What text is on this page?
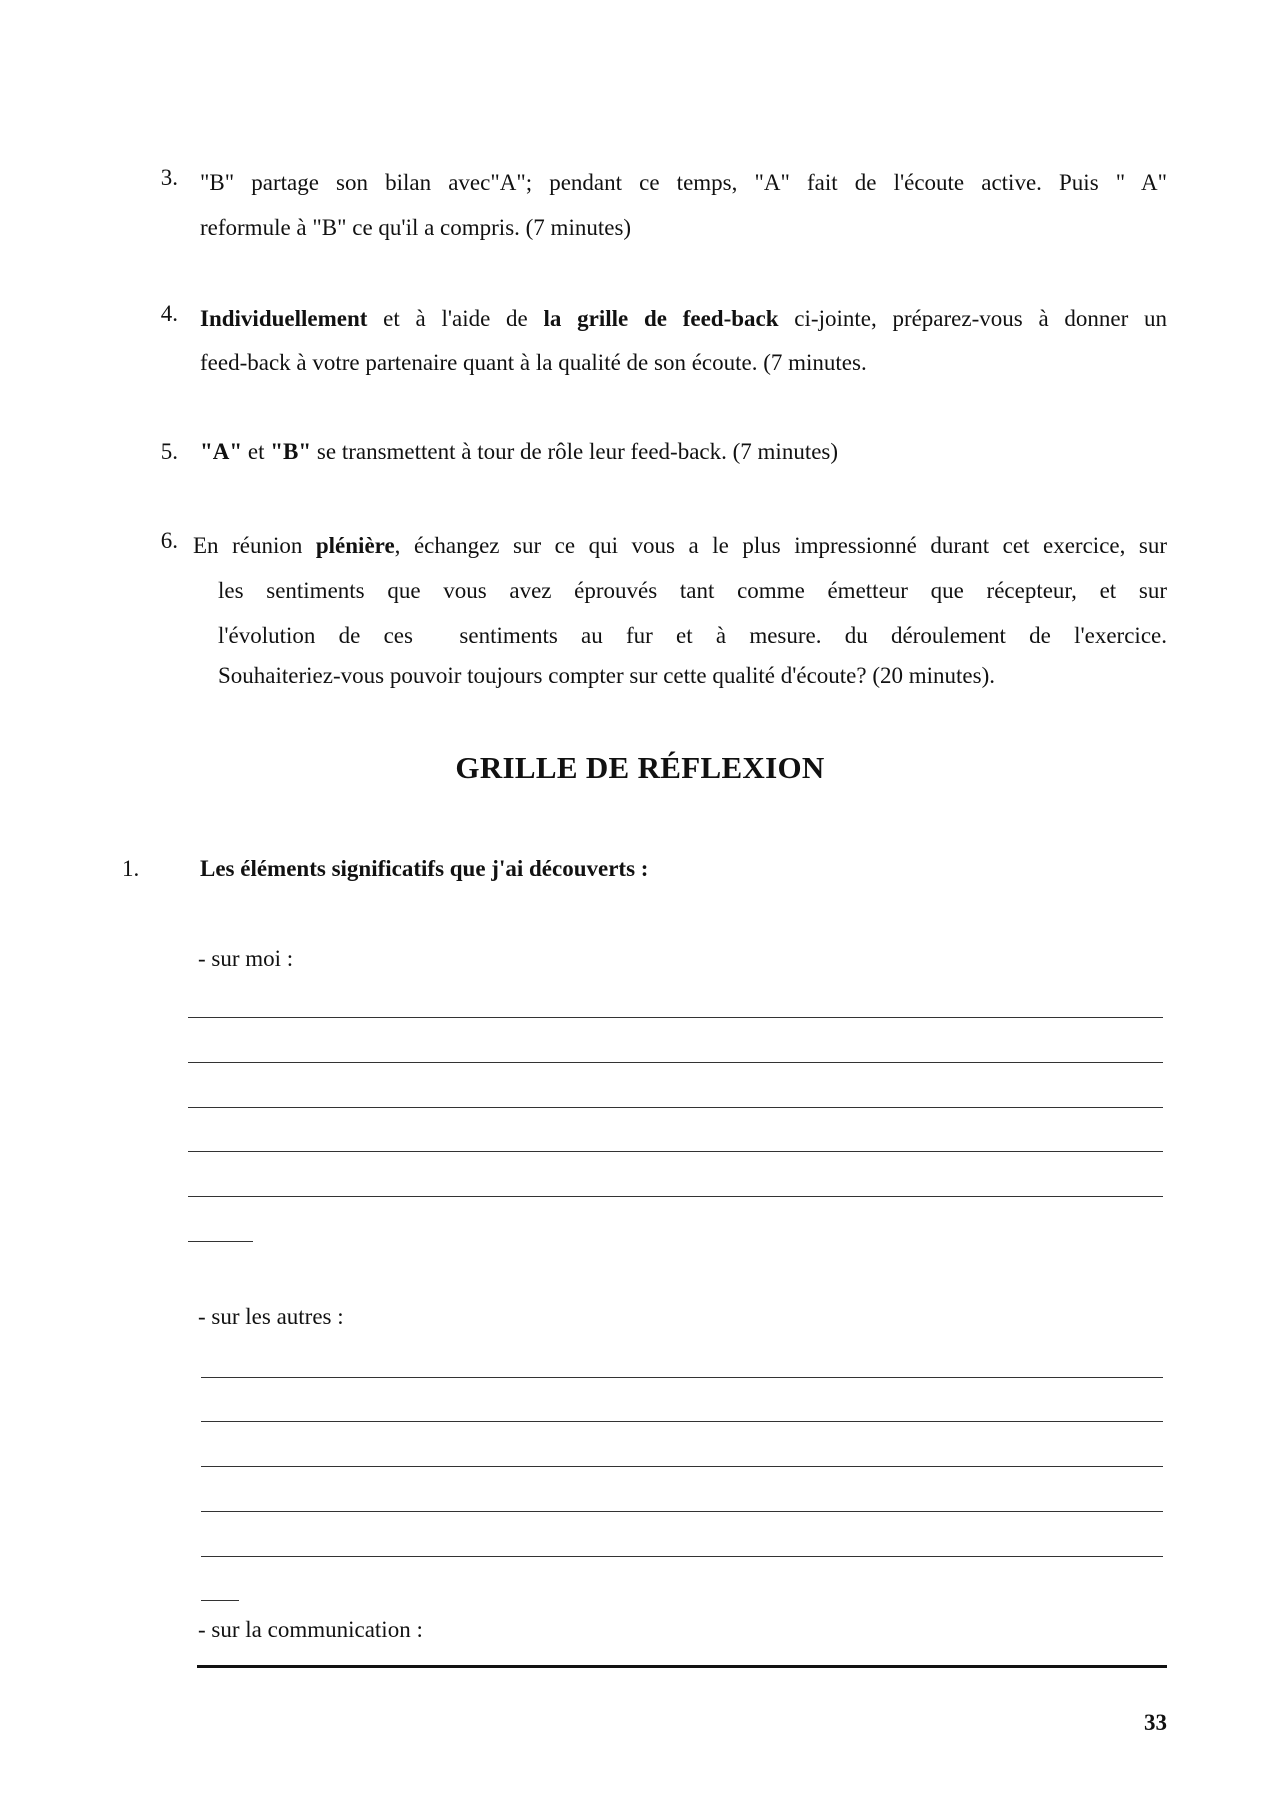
3. "B" partage son bilan avec"A"; pendant ce temps, "A" fait de l'écoute active. Puis " A"
reformule à "B" ce qu'il a compris. (7 minutes)
4. Individuellement et à l'aide de la grille de feed-back ci-jointe, préparez-vous à donner un
feed-back à votre partenaire quant à la qualité de son écoute. (7 minutes.
5. "A" et "B" se transmettent à tour de rôle leur feed-back. (7 minutes)
6. En réunion plénière, échangez sur ce qui vous a le plus impressionné durant cet exercice, sur
les sentiments que vous avez éprouvés tant comme émetteur que récepteur, et sur
l'évolution de ces  sentiments au fur et à mesure. du déroulement de l'exercice.
Souhaiteriez-vous pouvoir toujours compter sur cette qualité d'écoute? (20 minutes).
GRILLE DE RÉFLEXION
1.	Les éléments significatifs que j'ai découverts :
- sur moi :
- sur les autres :
- sur la communication :
33
